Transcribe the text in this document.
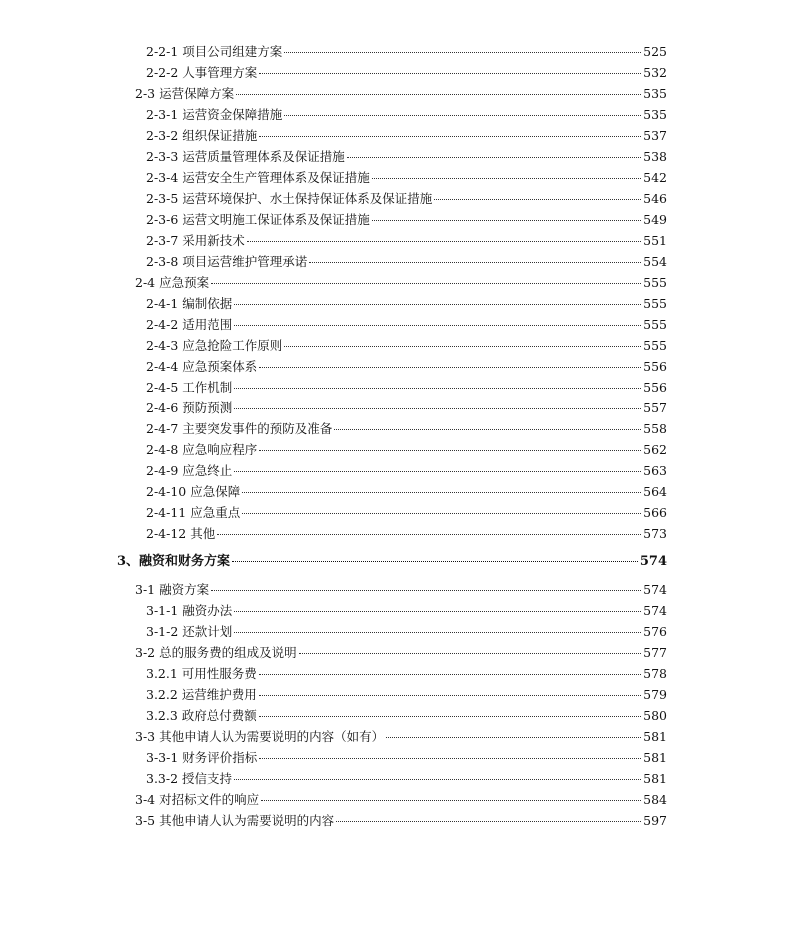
2-2-1 项目公司组建方案	525
2-2-2 人事管理方案	532
2-3 运营保障方案	535
2-3-1 运营资金保障措施	535
2-3-2 组织保证措施	537
2-3-3 运营质量管理体系及保证措施	538
2-3-4 运营安全生产管理体系及保证措施	542
2-3-5 运营环境保护、水土保持保证体系及保证措施	546
2-3-6 运营文明施工保证体系及保证措施	549
2-3-7 采用新技术	551
2-3-8 项目运营维护管理承诺	554
2-4 应急预案	555
2-4-1 编制依据	555
2-4-2 适用范围	555
2-4-3 应急抢险工作原则	555
2-4-4 应急预案体系	556
2-4-5 工作机制	556
2-4-6 预防预测	557
2-4-7 主要突发事件的预防及准备	558
2-4-8 应急响应程序	562
2-4-9 应急终止	563
2-4-10 应急保障	564
2-4-11 应急重点	566
2-4-12 其他	573
3、融资和财务方案	574
3-1 融资方案	574
3-1-1 融资办法	574
3-1-2 还款计划	576
3-2 总的服务费的组成及说明	577
3.2.1 可用性服务费	578
3.2.2 运营维护费用	579
3.2.3 政府总付费额	580
3-3 其他申请人认为需要说明的内容（如有）	581
3-3-1 财务评价指标	581
3.3-2 授信支持	581
3-4 对招标文件的响应	584
3-5 其他申请人认为需要说明的内容	597
